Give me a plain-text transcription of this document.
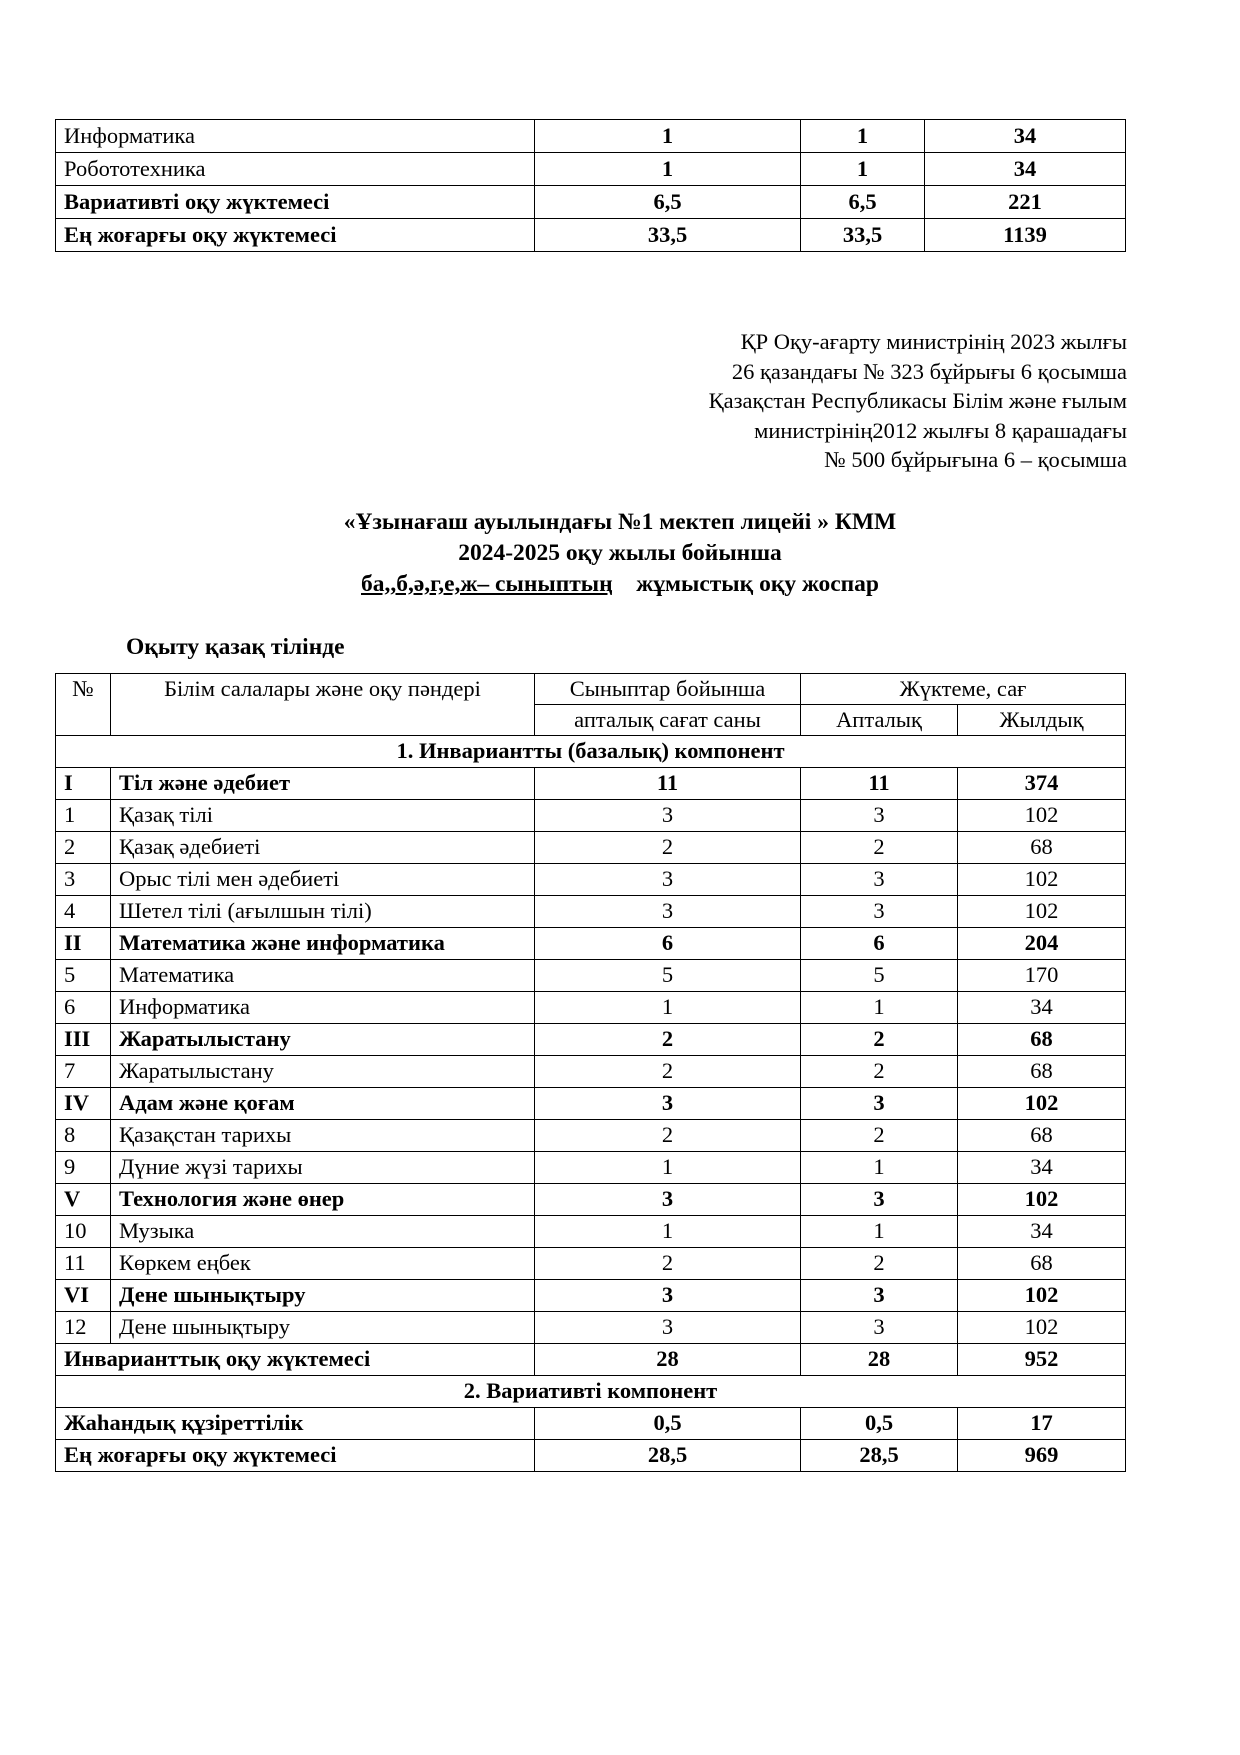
Информатика	1	1	34
Робототехника	1	1	34
Вариативті оқу жүктемесі	6,5	6,5	221
Ең жоғарғы оқу жүктемесі	33,5	33,5	1139
ҚР Оқу-ағарту министрінің 2023 жылғы
26 қазандағы № 323 бұйрығы 6 қосымша
Қазақстан Республикасы Білім және ғылым
министрінің2012 жылғы 8 қарашадағы
№ 500 бұйрығына 6 – қосымша
«Ұзынағаш ауылындағы №1 мектеп лицейі » КММ
2024-2025 оқу жылы бойынша
ба,,б,ә,г,е,ж– сыныптың    жұмыстық оқу жоспар
Оқыту қазақ тілінде
№	Білім салалары және оқу пәндері	Сыныптар бойынша	Жүктеме, сағ	
		апталық сағат саны	Апталық	Жылдық
1. Инвариантты (базалық) компонент				
I	Тіл және әдебиет	11	11	374
1	Қазақ тілі	3	3	102
2	Қазақ әдебиеті	2	2	68
3	Орыс тілі мен әдебиеті	3	3	102
4	Шетел тілі (ағылшын тілі)	3	3	102
II	Математика және информатика	6	6	204
5	Математика	5	5	170
6	Информатика	1	1	34
III	Жаратылыстану	2	2	68
7	Жаратылыстану	2	2	68
IV	Адам және қоғам	3	3	102
8	Қазақстан тарихы	2	2	68
9	Дүние жүзі тарихы	1	1	34
V	Технология және өнер	3	3	102
10	Музыка	1	1	34
11	Көркем еңбек	2	2	68
VI	Дене шынықтыру	3	3	102
12	Дене шынықтыру	3	3	102
Инварианттық оқу жүктемесі		28	28	952
2. Вариативті компонент				
Жаһандық құзіреттілік		0,5	0,5	17
Ең жоғарғы оқу жүктемесі		28,5	28,5	969
